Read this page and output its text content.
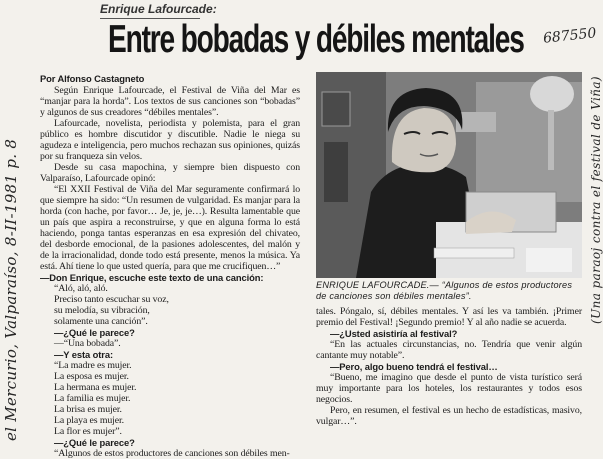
Enrique Lafourcade:

Entre bobadas y débiles mentales 687550
el Mercurio, Valparaíso, 8-II-1981 p. 8	(Una paraoj contra el festival de Viña)

Por Alfonso Castagneto

Según Enrique Lafourcade, el Festival de Viña del Mar es “manjar para la horda”. Los textos de sus canciones son “bobadas” y algunos de sus creadores “débiles mentales”.

Lafourcade, novelista, periodista y polemista, para el gran público es hombre discutidor y discutible. Nadie le niega su agudeza e inteligencia, pero muchos rechazan sus opiniones, quizás por su franqueza sin velos.

Desde su casa mapochina, y siempre bien dispuesto con Valparaíso, Lafourcade opinó:

“El XXII Festival de Viña del Mar seguramente confirmará lo que siempre ha sido: “Un resumen de vulgaridad. Es manjar para la horda (con hache, por favor… Je, je, je…). Resulta lamentable que un país que aspira a reconstruirse, y que en alguna forma lo está haciendo, ponga tantas esperanzas en esa expresión del chivateo, del desborde emocional, de la pasiones adolescentes, del malón y de la irracionalidad, donde todo está presente, menos la música. Ya está. Ahí tiene lo que usted quería, para que me crucifiquen…”

—Don Enrique, escuche este texto de una canción:

“Aló, aló, aló.

Preciso tanto escuchar su voz,

su melodía, su vibración,

solamente una canción”.

—¿Qué le parece?

—“Una bobada”.

—Y esta otra:

“La madre es mujer.

La esposa es mujer.

La hermana es mujer.

La familia es mujer.

La brisa es mujer.

La playa es mujer.

La flor es mujer”.

—¿Qué le parece?

“Algunos de estos productores de canciones son débiles men-

ENRIQUE LAFOURCADE.— “Algunos de estos productores de canciones son débiles mentales”.

tales. Póngalo, sí, débiles mentales. Y así les va también. ¡Primer premio del Festival! ¡Segundo premio! Y al año nadie se acuerda.

—¿Usted asistiría al festival?

“En las actuales circunstancias, no. Tendría que venir algún cantante muy notable”.

—Pero, algo bueno tendrá el festival…

“Bueno, me imagino que desde el punto de vista turístico será muy importante para los hoteles, los restaurantes y todos esos negocios.

Pero, en resumen, el festival es un hecho de estadísticas, masivo, vulgar…”.
